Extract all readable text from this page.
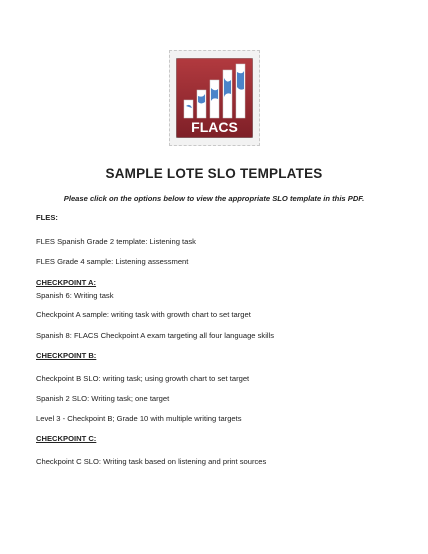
FLACS
SAMPLE LOTE SLO TEMPLATES
Please click on the options below to view the appropriate SLO template in this PDF.
FLES:
FLES Spanish Grade 2 template: Listening task
FLES Grade 4 sample: Listening assessment
CHECKPOINT A:
Spanish 6: Writing task
Checkpoint A sample: writing task with growth chart to set target
Spanish 8: FLACS Checkpoint A exam targeting all four language skills
CHECKPOINT B:
Checkpoint B SLO: writing task; using growth chart to set target
Spanish 2 SLO: Writing task; one target
Level 3 - Checkpoint B; Grade 10 with multiple writing targets
CHECKPOINT C:
Checkpoint C SLO: Writing task based on listening and print sources
